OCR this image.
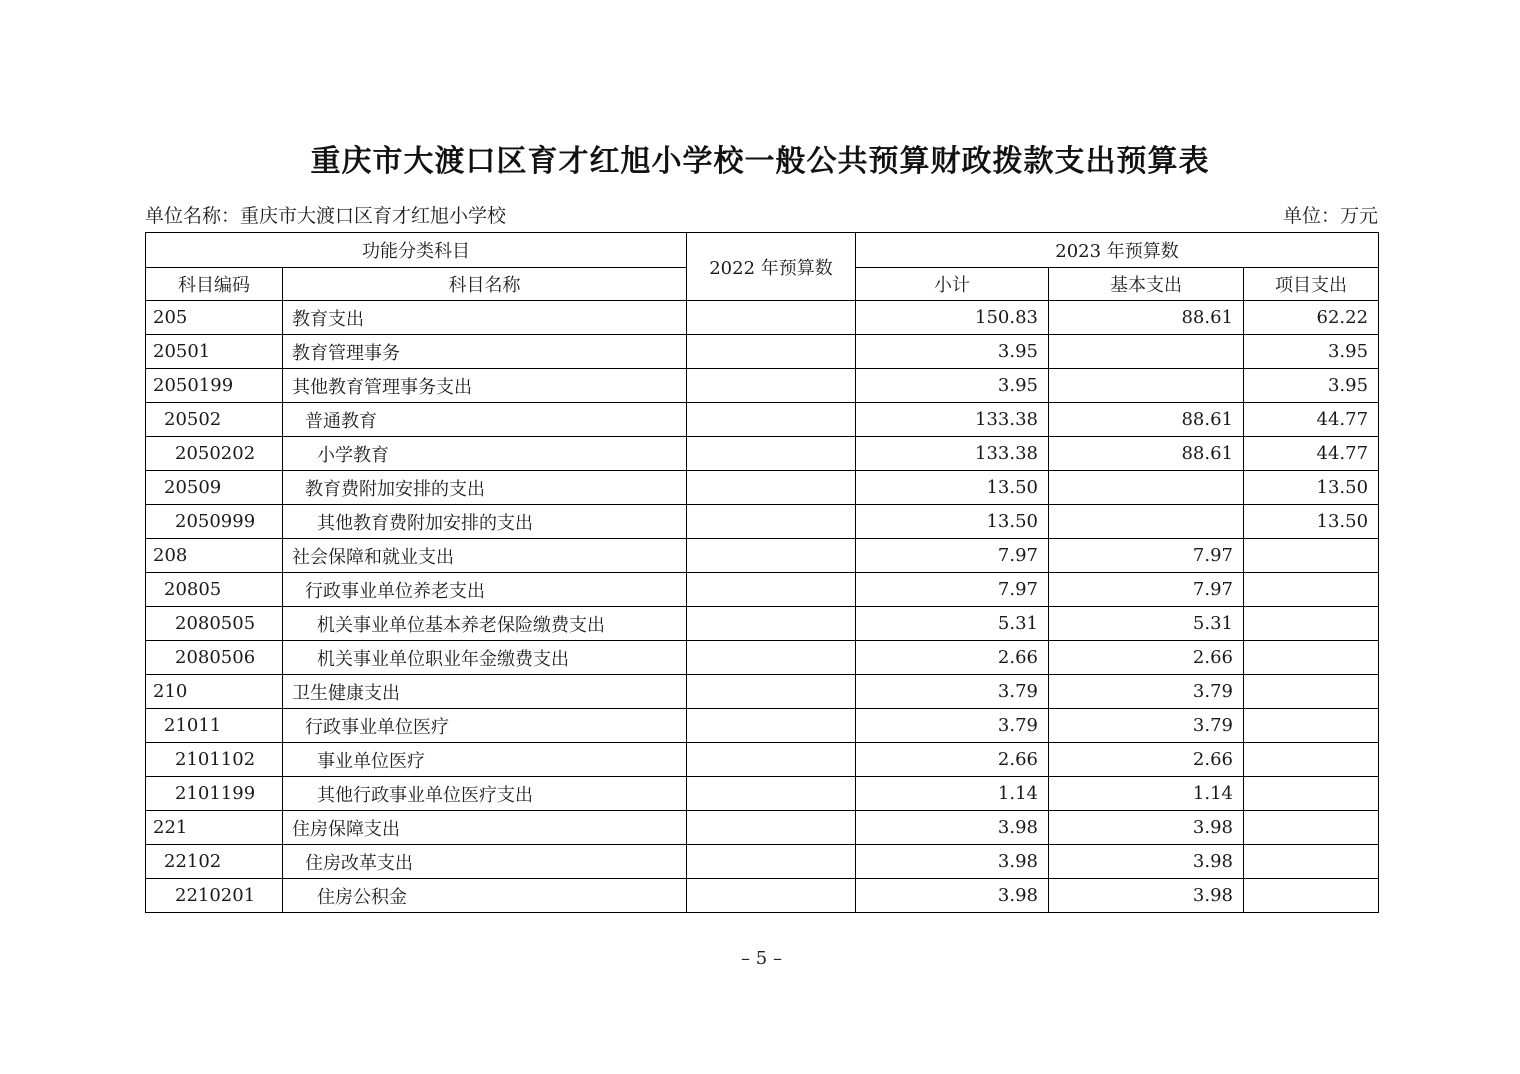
重庆市大渡口区育才红旭小学校一般公共预算财政拨款支出预算表
单位名称：重庆市大渡口区育才红旭小学校	单位：万元
功能分类科目		2022 年预算数	2023 年预算数		
科目编码	科目名称		小计	基本支出	项目支出
205	教育支出		150.83	88.61	62.22
20501	教育管理事务		3.95		3.95
2050199	其他教育管理事务支出		3.95		3.95
20502	普通教育		133.38	88.61	44.77
2050202	小学教育		133.38	88.61	44.77
20509	教育费附加安排的支出		13.50		13.50
2050999	其他教育费附加安排的支出		13.50		13.50
208	社会保障和就业支出		7.97	7.97	
20805	行政事业单位养老支出		7.97	7.97	
2080505	机关事业单位基本养老保险缴费支出		5.31	5.31	
2080506	机关事业单位职业年金缴费支出		2.66	2.66	
210	卫生健康支出		3.79	3.79	
21011	行政事业单位医疗		3.79	3.79	
2101102	事业单位医疗		2.66	2.66	
2101199	其他行政事业单位医疗支出		1.14	1.14	
221	住房保障支出		3.98	3.98	
22102	住房改革支出		3.98	3.98	
2210201	住房公积金		3.98	3.98	
– 5 –
